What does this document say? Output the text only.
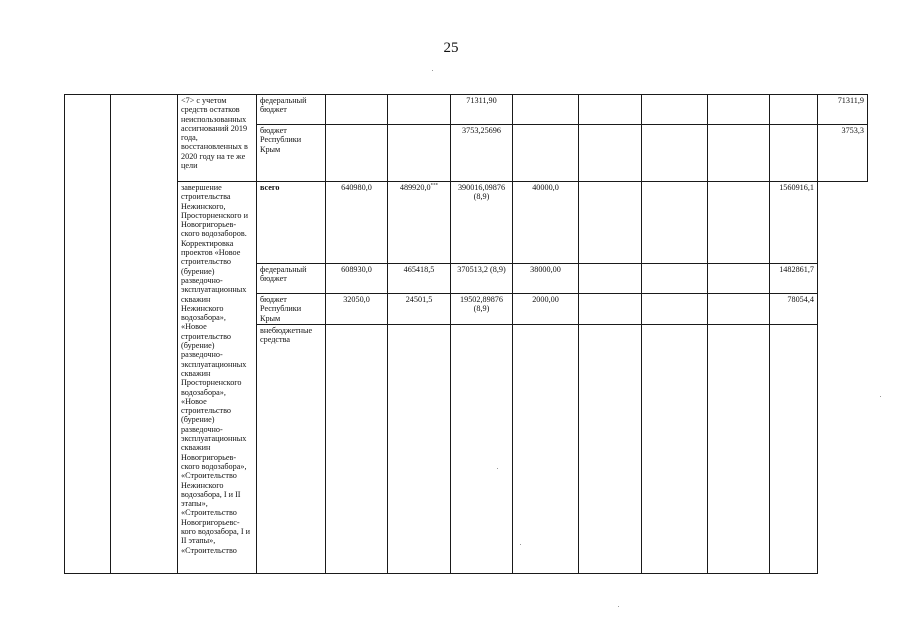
25
		<7> с учетом средств остатков неиспользованных ассигнований 2019 года, восстановленных в 2020 году на те же цели	федеральный бюджет			71311,90						71311,9
			бюджет Республики Крым			3753,25696						3753,3
		завершение строительства Нежинского, Просторненского и Новогригорьев-ского водозаборов. Корректировка проектов «Новое строительство (бурение) разведочно-эксплуатационных скважин Нежинского водозабора», «Новое строительство (бурение) разведочно-эксплуатационных скважин Просторненского водозабора», «Новое строительство (бурение) разведочно-эксплуатационных скважин Новогригорьев-ского водозабора», «Строительство Нежинского водозабора, I и II этапы», «Строительство Новогригорьевс-кого водозабора, I и II этапы», «Строительство	всего	640980,0	489920,0***	390016,09876 (8,9)	40000,0				1560916,1	
			федеральный бюджет	608930,0	465418,5	370513,2 (8,9)	38000,00				1482861,7	
			бюджет Республики Крым	32050,0	24501,5	19502,89876 (8,9)	2000,00				78054,4	
			внебюджетные средства									
